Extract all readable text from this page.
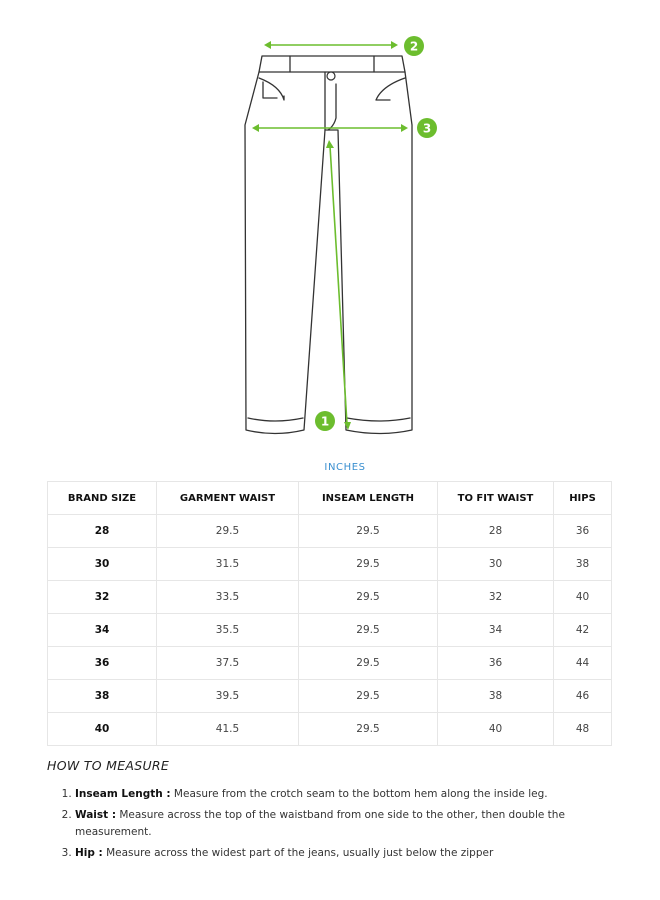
1
2
3
INCHES
BRAND SIZE	GARMENT WAIST	INSEAM LENGTH	TO FIT WAIST	HIPS
28	29.5	29.5	28	36
30	31.5	29.5	30	38
32	33.5	29.5	32	40
34	35.5	29.5	34	42
36	37.5	29.5	36	44
38	39.5	29.5	38	46
40	41.5	29.5	40	48
HOW TO MEASURE
1. Inseam Length : Measure from the crotch seam to the bottom hem along the inside leg.
2. Waist : Measure across the top of the waistband from one side to the other, then double the measurement.
3. Hip : Measure across the widest part of the jeans, usually just below the zipper
